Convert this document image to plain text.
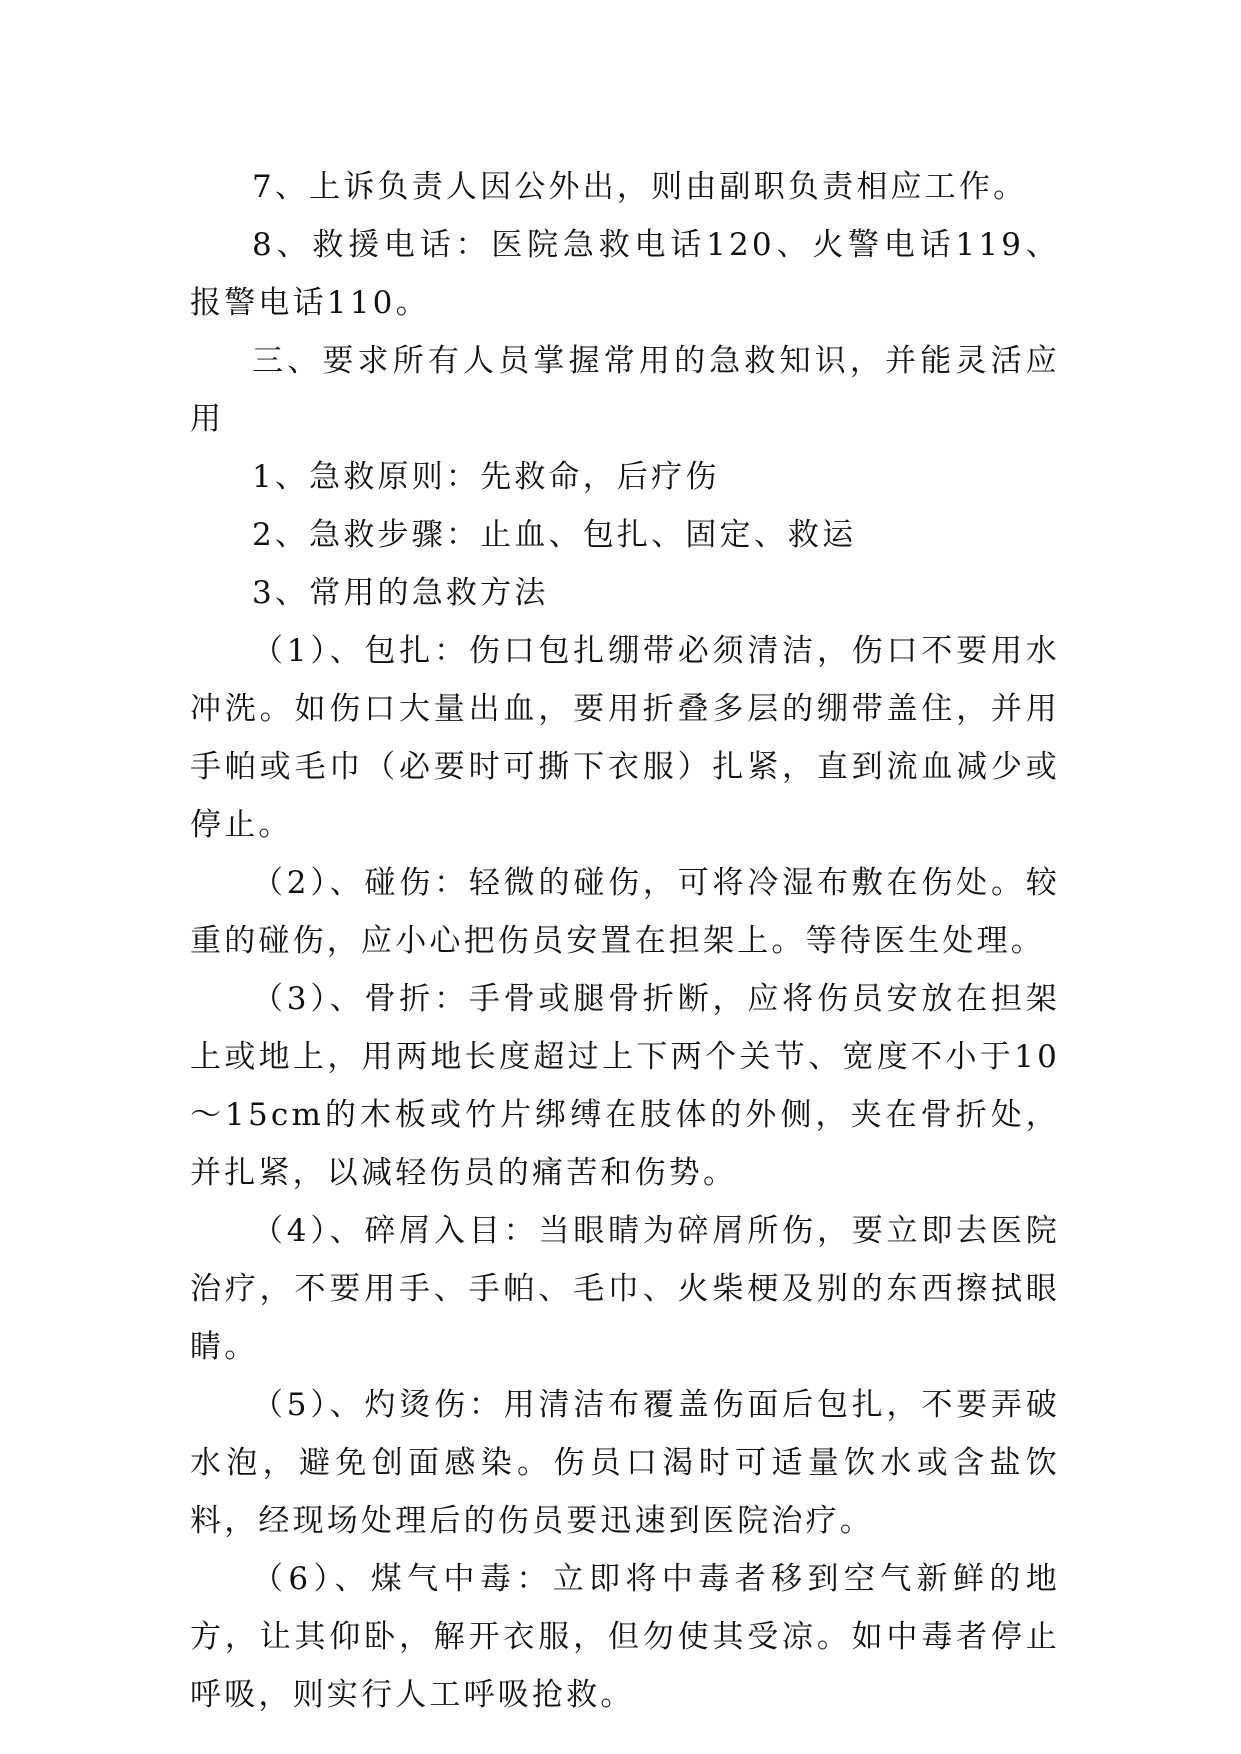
7、上诉负责人因公外出，则由副职负责相应工作。

8、救援电话：医院急救电话120、火警电话119、报警电话110。

三、要求所有人员掌握常用的急救知识，并能灵活应用

1、急救原则：先救命，后疗伤

2、急救步骤：止血、包扎、固定、救运

3、常用的急救方法

（1）、包扎：伤口包扎绷带必须清洁，伤口不要用水冲洗。如伤口大量出血，要用折叠多层的绷带盖住，并用手帕或毛巾（必要时可撕下衣服）扎紧，直到流血减少或停止。

（2）、碰伤：轻微的碰伤，可将冷湿布敷在伤处。较重的碰伤，应小心把伤员安置在担架上。等待医生处理。

（3）、骨折：手骨或腿骨折断，应将伤员安放在担架上或地上，用两地长度超过上下两个关节、宽度不小于10～15cm的木板或竹片绑缚在肢体的外侧，夹在骨折处，并扎紧，以减轻伤员的痛苦和伤势。

（4）、碎屑入目：当眼睛为碎屑所伤，要立即去医院治疗，不要用手、手帕、毛巾、火柴梗及别的东西擦拭眼睛。

（5）、灼烫伤：用清洁布覆盖伤面后包扎，不要弄破水泡，避免创面感染。伤员口渴时可适量饮水或含盐饮料，经现场处理后的伤员要迅速到医院治疗。

（6）、煤气中毒：立即将中毒者移到空气新鲜的地方，让其仰卧，解开衣服，但勿使其受凉。如中毒者停止呼吸，则实行人工呼吸抢救。
